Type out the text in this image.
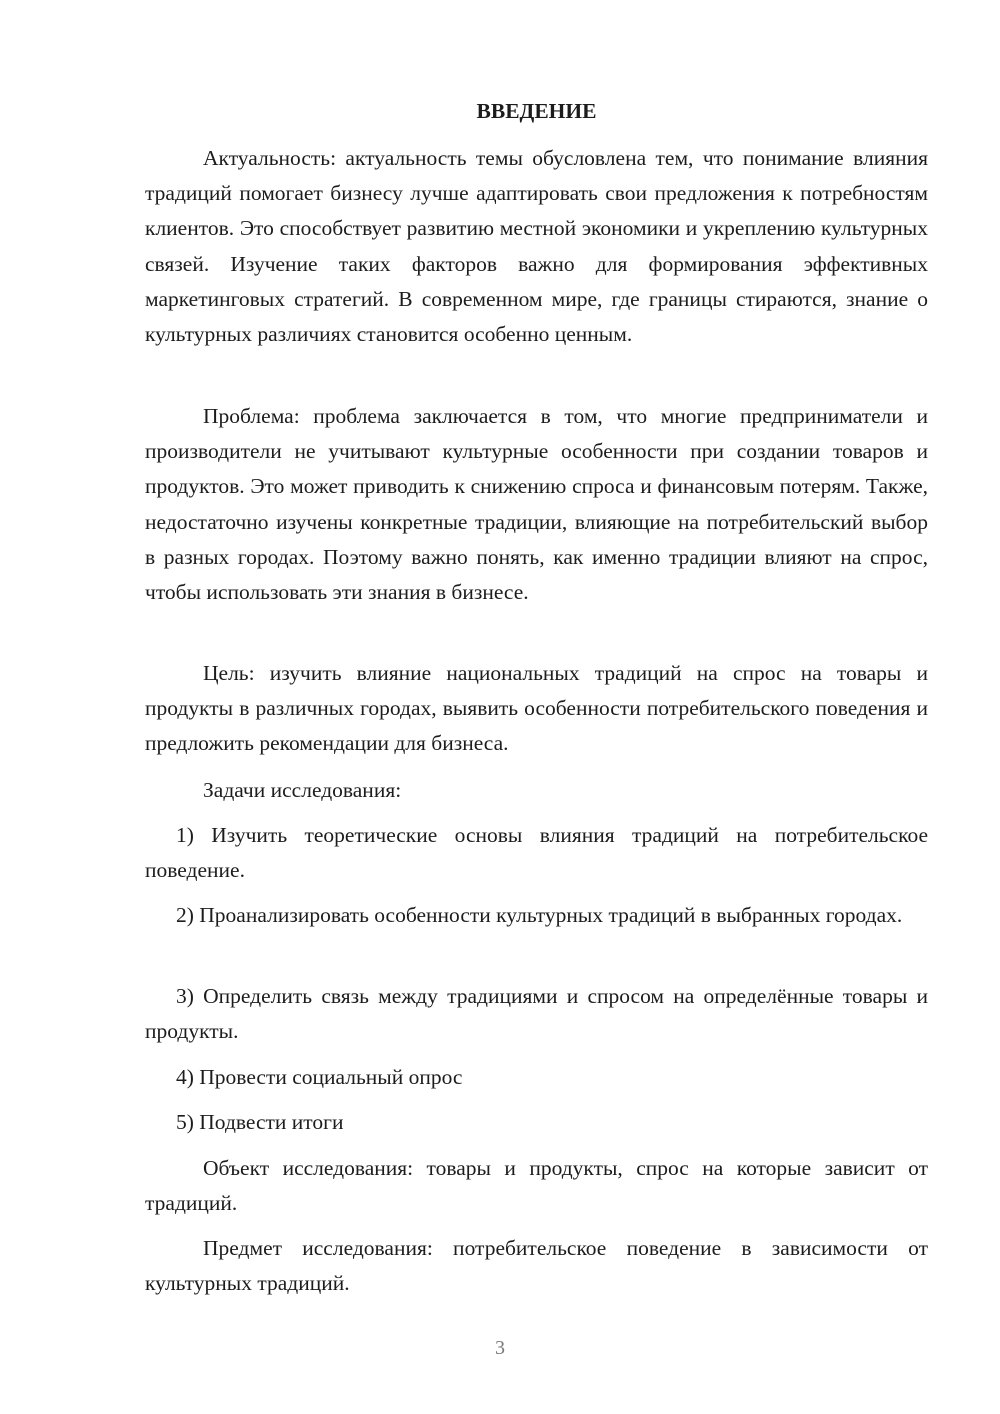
ВВЕДЕНИЕ

Актуальность: актуальность темы обусловлена тем, что понимание влияния традиций помогает бизнесу лучше адаптировать свои предложения к потребностям клиентов. Это способствует развитию местной экономики и укреплению культурных связей. Изучение таких факторов важно для формирования эффективных маркетинговых стратегий. В современном мире, где границы стираются, знание о культурных различиях становится особенно ценным.

Проблема: проблема заключается в том, что многие предприниматели и производители не учитывают культурные особенности при создании товаров и продуктов. Это может приводить к снижению спроса и финансовым потерям. Также, недостаточно изучены конкретные традиции, влияющие на потребительский выбор в разных городах. Поэтому важно понять, как именно традиции влияют на спрос, чтобы использовать эти знания в бизнесе.

Цель: изучить влияние национальных традиций на спрос на товары и продукты в различных городах, выявить особенности потребительского поведения и предложить рекомендации для бизнеса.

Задачи исследования:

1) Изучить теоретические основы влияния традиций на потребительское поведение.

2) Проанализировать особенности культурных традиций в выбранных городах.

3) Определить связь между традициями и спросом на определённые товары и продукты.

4) Провести социальный опрос

5) Подвести итоги

Объект исследования: товары и продукты, спрос на которые зависит от традиций.

Предмет исследования: потребительское поведение в зависимости от культурных традиций.

3
